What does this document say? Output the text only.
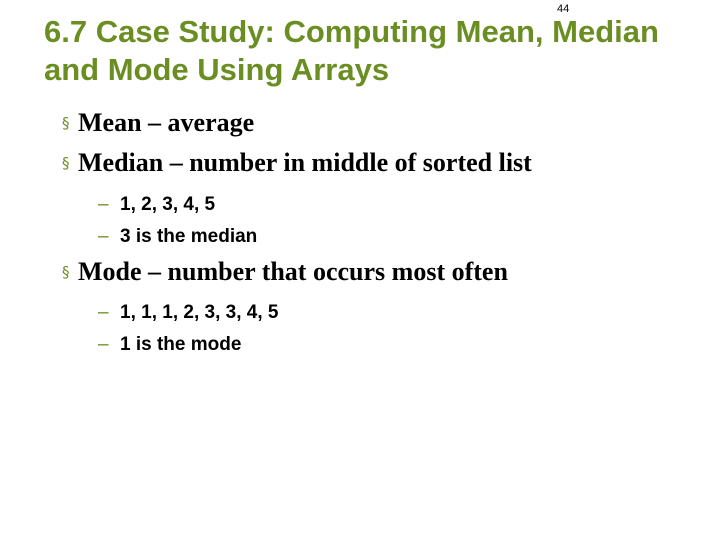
44
6.7 Case Study: Computing Mean, Median
and Mode Using Arrays
§ Mean – average
§ Median – number in middle of sorted list
– 1, 2, 3, 4, 5
– 3 is the median
§ Mode – number that occurs most often
– 1, 1, 1, 2, 3, 3, 4, 5
– 1 is the mode
